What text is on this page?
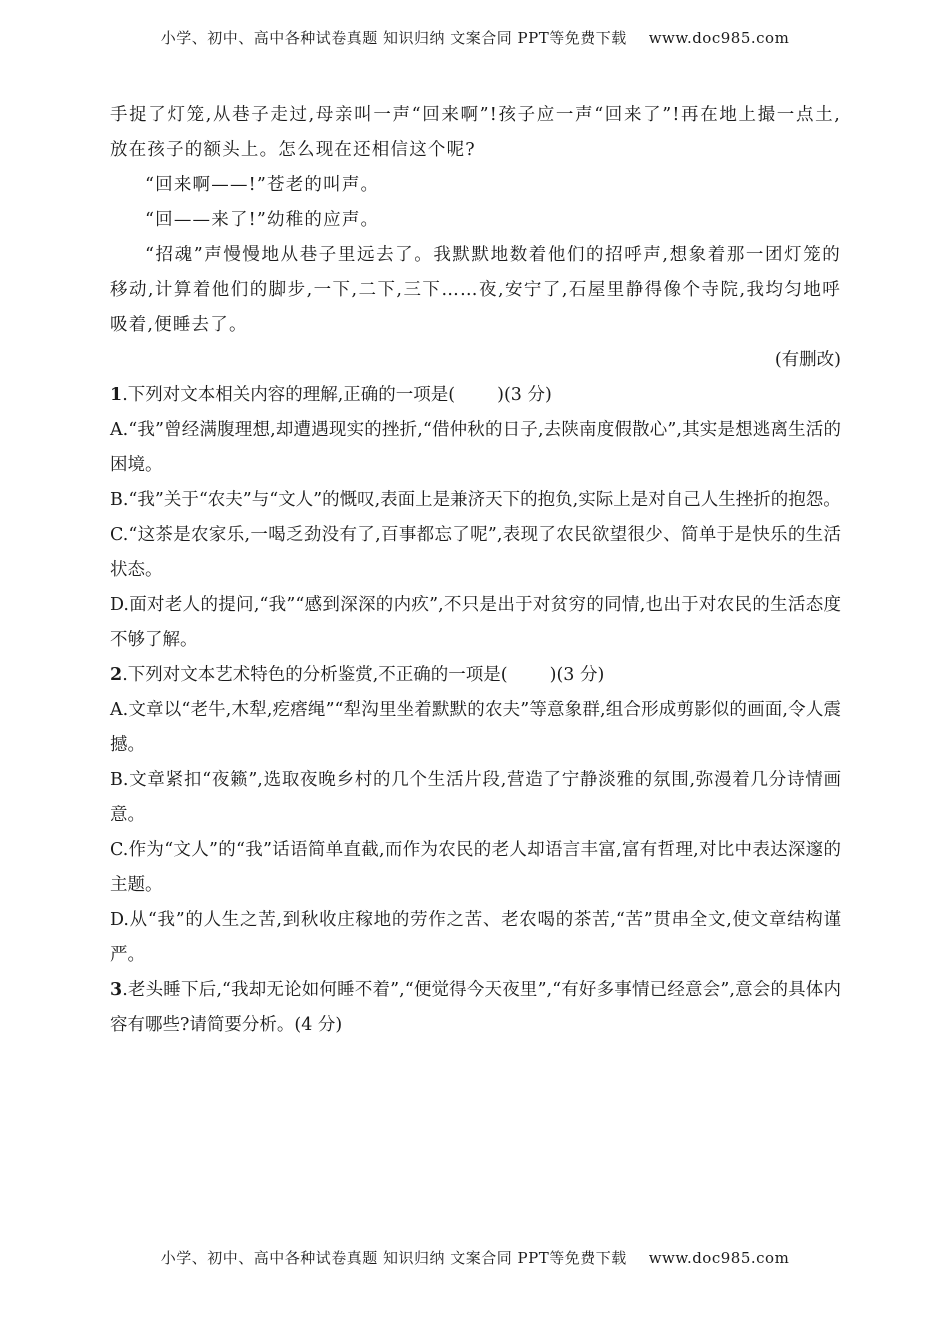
小学、初中、高中各种试卷真题 知识归纳 文案合同 PPT等免费下载 www.doc985.com

手捉了灯笼,从巷子走过,母亲叫一声“回来啊”!孩子应一声“回来了”!再在地上撮一点土,放在孩子的额头上。怎么现在还相信这个呢?

“回来啊——!”苍老的叫声。

“回——来了!”幼稚的应声。

“招魂”声慢慢地从巷子里远去了。我默默地数着他们的招呼声,想象着那一团灯笼的移动,计算着他们的脚步,一下,二下,三下……夜,安宁了,石屋里静得像个寺院,我均匀地呼吸着,便睡去了。

(有删改)

1.下列对文本相关内容的理解,正确的一项是( )(3 分)

A.“我”曾经满腹理想,却遭遇现实的挫折,“借仲秋的日子,去陕南度假散心”,其实是想逃离生活的困境。

B.“我”关于“农夫”与“文人”的慨叹,表面上是兼济天下的抱负,实际上是对自己人生挫折的抱怨。

C.“这茶是农家乐,一喝乏劲没有了,百事都忘了呢”,表现了农民欲望很少、简单于是快乐的生活状态。

D.面对老人的提问,“我”“感到深深的内疚”,不只是出于对贫穷的同情,也出于对农民的生活态度不够了解。

2.下列对文本艺术特色的分析鉴赏,不正确的一项是( )(3 分)

A.文章以“老牛,木犁,疙瘩绳”“犁沟里坐着默默的农夫”等意象群,组合形成剪影似的画面,令人震撼。

B.文章紧扣“夜籁”,选取夜晚乡村的几个生活片段,营造了宁静淡雅的氛围,弥漫着几分诗情画意。

C.作为“文人”的“我”话语简单直截,而作为农民的老人却语言丰富,富有哲理,对比中表达深邃的主题。

D.从“我”的人生之苦,到秋收庄稼地的劳作之苦、老农喝的茶苦,“苦”贯串全文,使文章结构谨严。

3.老头睡下后,“我却无论如何睡不着”,“便觉得今天夜里”,“有好多事情已经意会”,意会的具体内容有哪些?请简要分析。(4 分)

小学、初中、高中各种试卷真题 知识归纳 文案合同 PPT等免费下载 www.doc985.com
